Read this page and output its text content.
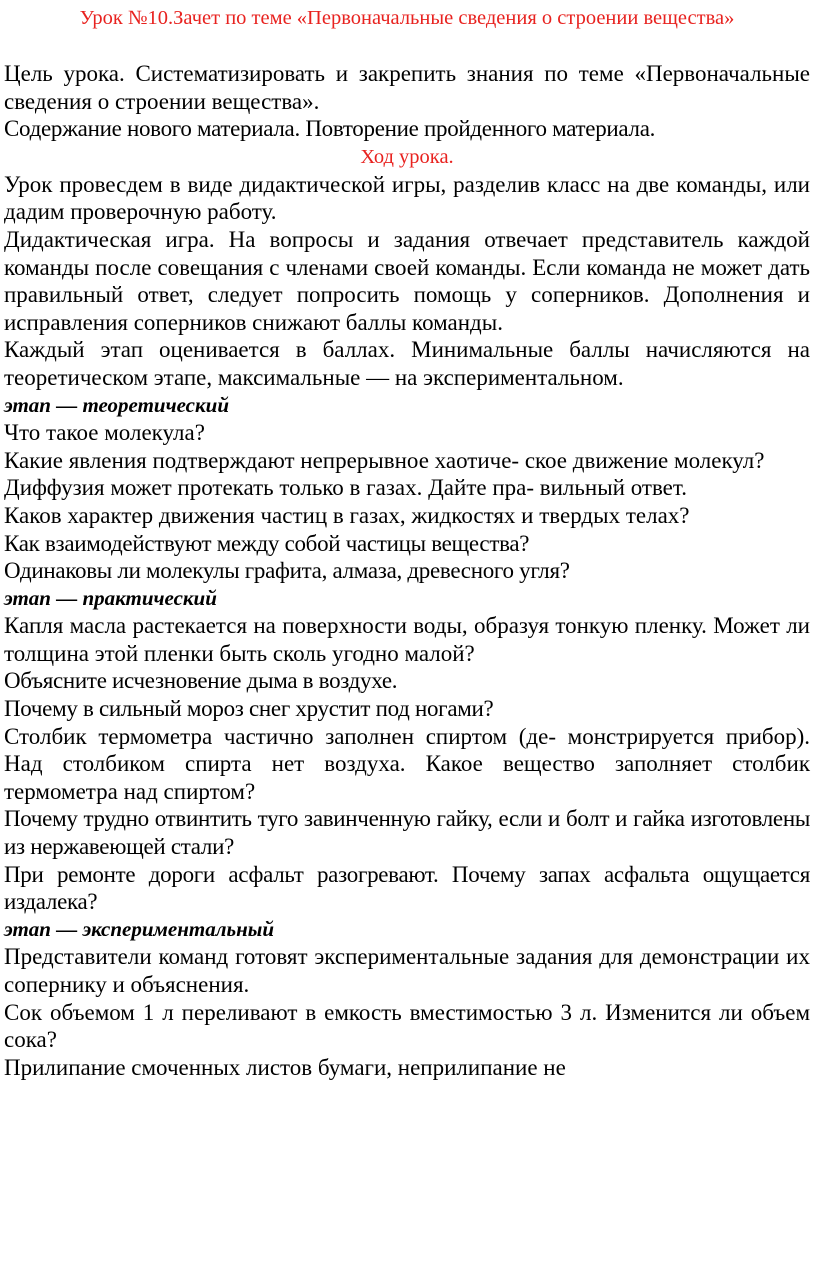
Урок №10.Зачет по теме «Первоначальные сведения о строении вещества»

Цель урока. Систематизировать и закрепить знания по теме «Первоначальные сведения о строении вещества».

Содержание нового материала. Повторение пройденного материала.

Ход урока.

Урок провесдем в виде дидактической игры, разделив класс на две команды, или дадим проверочную работу.

Дидактическая игра. На вопросы и задания отвечает представитель каждой команды после совещания с членами своей команды. Если команда не может дать правильный ответ, следует попросить помощь у соперников. Дополнения и исправления соперников снижают баллы команды.

Каждый этап оценивается в баллах. Минимальные баллы начисляются на теоретическом этапе, максимальные — на экспериментальном.

этап — теоретический

Что такое молекула?

Какие явления подтверждают непрерывное хаотиче- ское движение молекул?

Диффузия может протекать только в газах. Дайте пра- вильный ответ.

Каков характер движения частиц в газах, жидкостях и твердых телах?

Как взаимодействуют между собой частицы вещества?

Одинаковы ли молекулы графита, алмаза, древесного угля?

этап — практический

Капля масла растекается на поверхности воды, образуя тонкую пленку. Может ли толщина этой пленки быть сколь угодно малой?

Объясните исчезновение дыма в воздухе.

Почему в сильный мороз снег хрустит под ногами?

Столбик термометра частично заполнен спиртом (де- монстрируется прибор). Над столбиком спирта нет воздуха. Какое вещество заполняет столбик термометра над спиртом?

Почему трудно отвинтить туго завинченную гайку, если и болт и гайка изготовлены из нержавеющей стали?

При ремонте дороги асфальт разогревают. Почему запах асфальта ощущается издалека?

этап — экспериментальный

Представители команд готовят экспериментальные задания для демонстрации их сопернику и объяснения.

Сок объемом 1 л переливают в емкость вместимостью 3 л. Изменится ли объем сока?

Прилипание смоченных листов бумаги, неприлипание не
